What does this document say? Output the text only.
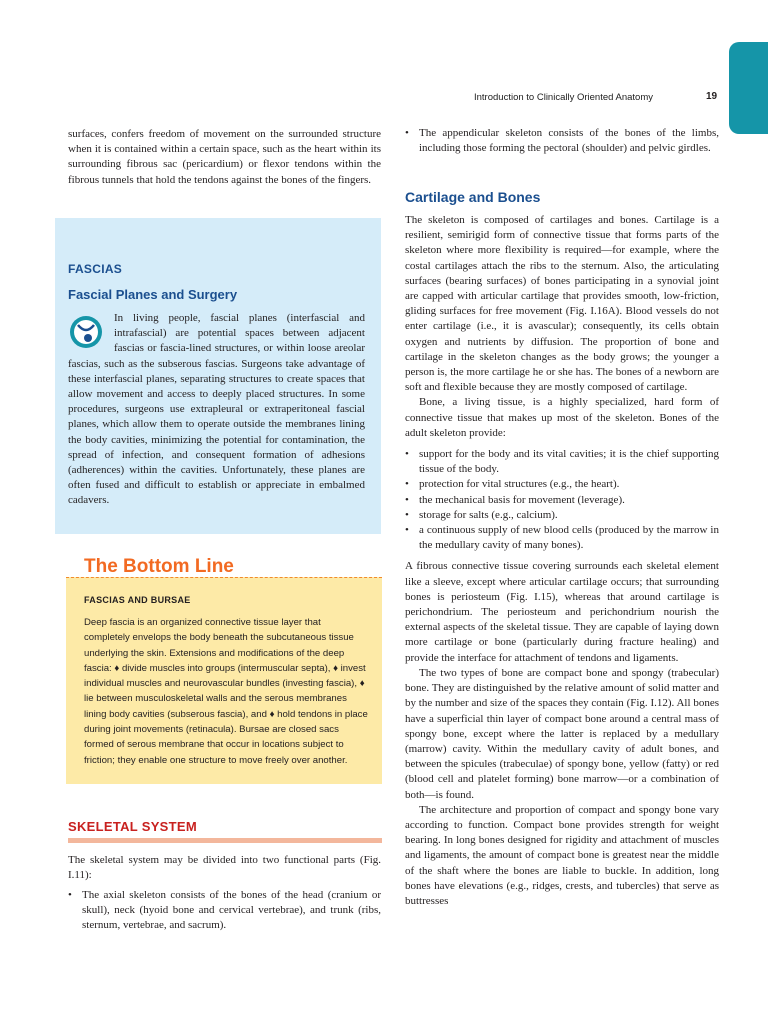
Introduction to Clinically Oriented Anatomy	19

surfaces, confers freedom of movement on the surrounded structure when it is contained within a certain space, such as the heart within its surrounding fibrous sac (pericardium) or flexor tendons within the fibrous tunnels that hold the tendons against the bones of the fingers.

FASCIAS
Fascial Planes and Surgery
In living people, fascial planes (interfascial and intrafascial) are potential spaces between adjacent fascias or fascia-lined structures, or within loose areolar fascias, such as the subserous fascias. Surgeons take advantage of these interfascial planes, separating structures to create spaces that allow movement and access to deeply placed structures. In some procedures, surgeons use extrapleural or extraperitoneal fascial planes, which allow them to operate outside the membranes lining the body cavities, minimizing the potential for contamination, the spread of infection, and consequent formation of adhesions (adherences) within the cavities. Unfortunately, these planes are often fused and difficult to establish or appreciate in embalmed cadavers.
The Bottom Line
FASCIAS AND BURSAE
Deep fascia is an organized connective tissue layer that completely envelops the body beneath the subcutaneous tissue underlying the skin. Extensions and modifications of the deep fascia: ♦ divide muscles into groups (intermuscular septa), ♦ invest individual muscles and neurovascular bundles (investing fascia), ♦ lie between musculoskeletal walls and the serous membranes lining body cavities (subserous fascia), and ♦ hold tendons in place during joint movements (retinacula). Bursae are closed sacs formed of serous membrane that occur in locations subject to friction; they enable one structure to move freely over another.
SKELETAL SYSTEM

The skeletal system may be divided into two functional parts (Fig. I.11):

• The axial skeleton consists of the bones of the head (cranium or skull), neck (hyoid bone and cervical vertebrae), and trunk (ribs, sternum, vertebrae, and sacrum).
• The appendicular skeleton consists of the bones of the limbs, including those forming the pectoral (shoulder) and pelvic girdles.
Cartilage and Bones

The skeleton is composed of cartilages and bones. Cartilage is a resilient, semirigid form of connective tissue that forms parts of the skeleton where more flexibility is required—for example, where the costal cartilages attach the ribs to the sternum. Also, the articulating surfaces (bearing surfaces) of bones participating in a synovial joint are capped with articular cartilage that provides smooth, low-friction, gliding surfaces for free movement (Fig. I.16A). Blood vessels do not enter cartilage (i.e., it is avascular); consequently, its cells obtain oxygen and nutrients by diffusion. The proportion of bone and cartilage in the skeleton changes as the body grows; the younger a person is, the more cartilage he or she has. The bones of a newborn are soft and flexible because they are mostly composed of cartilage.

Bone, a living tissue, is a highly specialized, hard form of connective tissue that makes up most of the skeleton. Bones of the adult skeleton provide:

• support for the body and its vital cavities; it is the chief supporting tissue of the body.
• protection for vital structures (e.g., the heart).
• the mechanical basis for movement (leverage).
• storage for salts (e.g., calcium).
• a continuous supply of new blood cells (produced by the marrow in the medullary cavity of many bones).

A fibrous connective tissue covering surrounds each skeletal element like a sleeve, except where articular cartilage occurs; that surrounding bones is periosteum (Fig. I.15), whereas that around cartilage is perichondrium. The periosteum and perichondrium nourish the external aspects of the skeletal tissue. They are capable of laying down more cartilage or bone (particularly during fracture healing) and provide the interface for attachment of tendons and ligaments.

The two types of bone are compact bone and spongy (trabecular) bone. They are distinguished by the relative amount of solid matter and by the number and size of the spaces they contain (Fig. I.12). All bones have a superficial thin layer of compact bone around a central mass of spongy bone, except where the latter is replaced by a medullary (marrow) cavity. Within the medullary cavity of adult bones, and between the spicules (trabeculae) of spongy bone, yellow (fatty) or red (blood cell and platelet forming) bone marrow—or a combination of both—is found.

The architecture and proportion of compact and spongy bone vary according to function. Compact bone provides strength for weight bearing. In long bones designed for rigidity and attachment of muscles and ligaments, the amount of compact bone is greatest near the middle of the shaft where the bones are liable to buckle. In addition, long bones have elevations (e.g., ridges, crests, and tubercles) that serve as buttresses
